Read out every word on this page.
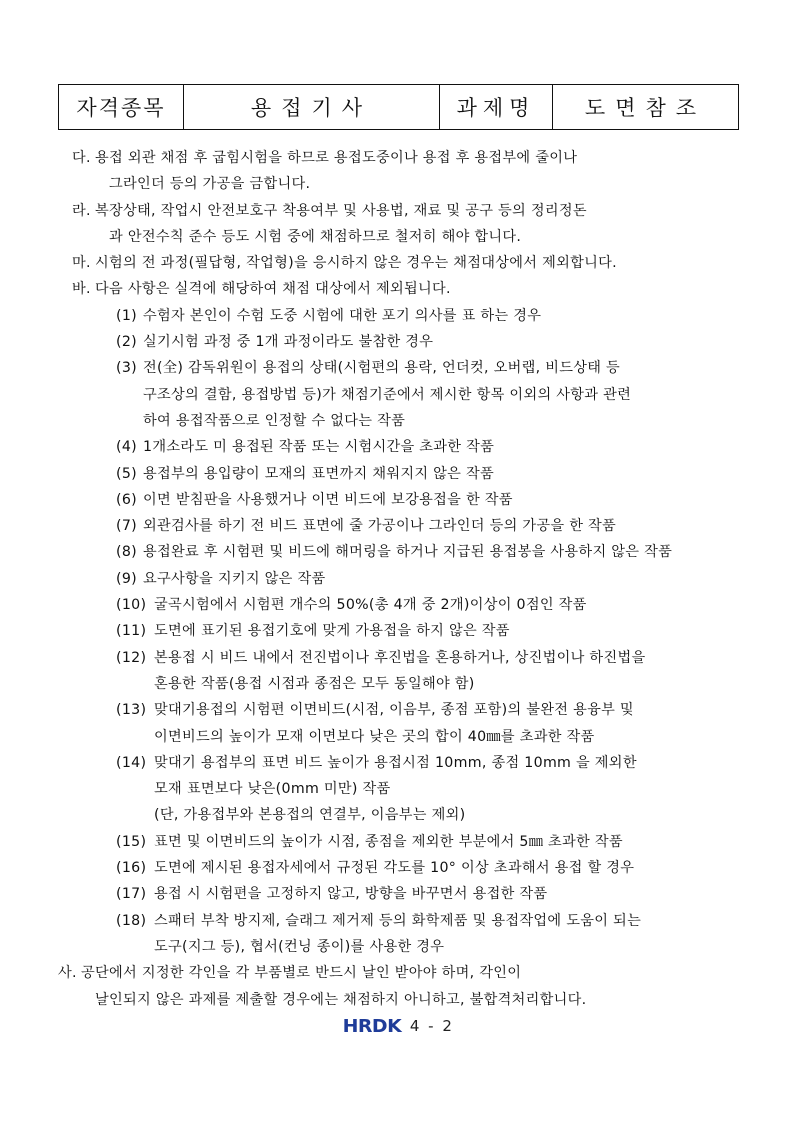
자격종목	용접기사	과제명	도면참조
다. 용접 외관 채점 후 굽힘시험을 하므로 용접도중이나 용접 후 용접부에 줄이나
그라인더 등의 가공을 금합니다.
라. 복장상태, 작업시 안전보호구 착용여부 및 사용법, 재료 및 공구 등의 정리정돈
과 안전수칙 준수 등도 시험 중에 채점하므로 철저히 해야 합니다.
마. 시험의 전 과정(필답형, 작업형)을 응시하지 않은 경우는 채점대상에서 제외합니다.
바. 다음 사항은 실격에 해당하여 채점 대상에서 제외됩니다.
(1) 수험자 본인이 수험 도중 시험에 대한 포기 의사를 표 하는 경우
(2) 실기시험 과정 중 1개 과정이라도 불참한 경우
(3) 전(全) 감독위원이 용접의 상태(시험편의 용락, 언더컷, 오버랩, 비드상태 등
구조상의 결함, 용접방법 등)가 채점기준에서 제시한 항목 이외의 사항과 관련
하여 용접작품으로 인정할 수 없다는 작품
(4) 1개소라도 미 용접된 작품 또는 시험시간을 초과한 작품
(5) 용접부의 용입량이 모재의 표면까지 채워지지 않은 작품
(6) 이면 받침판을 사용했거나 이면 비드에 보강용접을 한 작품
(7) 외관검사를 하기 전 비드 표면에 줄 가공이나 그라인더 등의 가공을 한 작품
(8) 용접완료 후 시험편 및 비드에 해머링을 하거나 지급된 용접봉을 사용하지 않은 작품
(9) 요구사항을 지키지 않은 작품
(10) 굴곡시험에서 시험편 개수의 50%(총 4개 중 2개)이상이 0점인 작품
(11) 도면에 표기된 용접기호에 맞게 가용접을 하지 않은 작품
(12) 본용접 시 비드 내에서 전진법이나 후진법을 혼용하거나, 상진법이나 하진법을
혼용한 작품(용접 시점과 종점은 모두 동일해야 함)
(13) 맞대기용접의 시험편 이면비드(시점, 이음부, 종점 포함)의 불완전 용융부 및
이면비드의 높이가 모재 이면보다 낮은 곳의 합이 40㎜를 초과한 작품
(14) 맞대기 용접부의 표면 비드 높이가 용접시점 10mm, 종점 10mm 을 제외한
모재 표면보다 낮은(0mm 미만) 작품
(단, 가용접부와 본용접의 연결부, 이음부는 제외)
(15) 표면 및 이면비드의 높이가 시점, 종점을 제외한 부분에서 5㎜ 초과한 작품
(16) 도면에 제시된 용접자세에서 규정된 각도를 10° 이상 초과해서 용접 할 경우
(17) 용접 시 시험편을 고정하지 않고, 방향을 바꾸면서 용접한 작품
(18) 스패터 부착 방지제, 슬래그 제거제 등의 화학제품 및 용접작업에 도움이 되는
도구(지그 등), 협서(컨닝 종이)를 사용한 경우
사. 공단에서 지정한 각인을 각 부품별로 반드시 날인 받아야 하며, 각인이
날인되지 않은 과제를 제출할 경우에는 채점하지 아니하고, 불합격처리합니다.
HRDK 4 - 2
